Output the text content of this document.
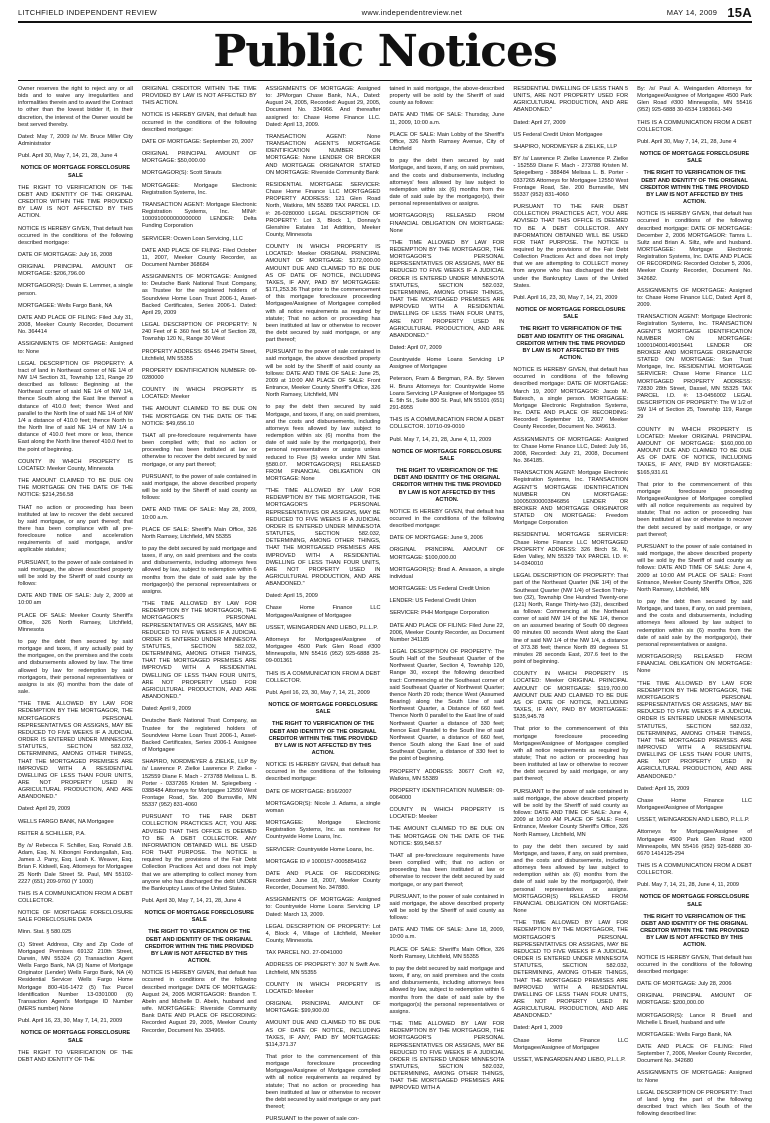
LITCHFIELD INDEPENDENT REVIEW	www.independentreview.net	MAY 14, 2009 15A
Public Notices

Owner reserves the right to reject any or all bids and to waive any irregularities and informalities therein and to award the Contract to other than the lowest bidder if, in their discretion, the interest of the Owner would be best served thereby.

Dated: May 7, 2009 /s/ Mr. Bruce Miller City Administrator

Publ. April 30, May 7, 14, 21, 28, June 4

NOTICE OF MORTGAGE FORECLOSURE SALE

THE RIGHT TO VERIFICATION OF THE DEBT AND IDENTITY OF THE ORIGINAL CREDITOR WITHIN THE TIME PROVIDED BY LAW IS NOT AFFECTED BY THIS ACTION.

NOTICE IS HEREBY GIVEN, That default has occurred in the conditions of the following described mortgage:

DATE OF MORTGAGE: July 16, 2008

ORIGINAL PRINCIPAL AMOUNT OF MORTGAGE: $206,796.00

MORTGAGOR(S): Dwain E. Lemmer, a single person.

MORTGAGEE: Wells Fargo Bank, NA

DATE AND PLACE OF FILING: Filed July 31, 2008, Meeker County Recorder, Document No. 364414

ASSIGNMENTS OF MORTGAGE: Assigned to: None

LEGAL DESCRIPTION OF PROPERTY: A tract of land in Northeast corner of NE 1/4 of NW 1/4 Section 31, Township 121, Range 29 described as follows: Beginning at the Northeast corner of said NE 1/4 of NW 1/4, thence South along the East line thereof a distance of 410.0 feet; thence West and parallel to the North line of said NE 1/4 of NW 1/4 a distance of 410.0 feet; thence North to the North line of said NE 1/4 of NW 1/4 a distance of 410.0 feet more or less, thence East along the North line thereof 410.0 feet to the point of beginning.

COUNTY IN WHICH PROPERTY IS LOCATED: Meeker County, Minnesota

THE AMOUNT CLAIMED TO BE DUE ON THE MORTGAGE ON THE DATE OF THE NOTICE: $214,256.58

THAT no action or proceeding has been instituted at law to recover the debt secured by said mortgage, or any part thereof; that there has been compliance with all pre-foreclosure notice and acceleration requirements of said mortgage, and/or applicable statutes;

PURSUANT, to the power of sale contained in said mortgage, the above described property will be sold by the Sheriff of said county as follows:

DATE AND TIME OF SALE: July 2, 2009 at 10:00 am

PLACE OF SALE: Meeker County Sheriff's Office, 326 North Ramsey, Litchfield, Minnesota

to pay the debt then secured by said mortgage and taxes, if any actually paid by the mortgagee, on the premises and the costs and disbursements allowed by law. The time allowed by law for redemption by said mortgagors, their personal representatives or assigns is six (6) months from the date of sale.

"THE TIME ALLOWED BY LAW FOR REDEMPTION BY THE MORTGAGOR, THE MORTGAGOR'S PERSONAL REPRESENTATIVES OR ASSIGNS, MAY BE REDUCED TO FIVE WEEKS IF A JUDICIAL ORDER IS ENTERED UNDER MINNESOTA STATUTES, SECTION 582.032, DETERMINING, AMONG OTHER THINGS, THAT THE MORTGAGED PREMISES ARE IMPROVED WITH A RESIDENTIAL DWELLING OF LESS THAN FOUR UNITS, ARE NOT PROPERTY USED IN AGRICULTURAL PRODUCTION, AND ARE ABANDONED."

Dated: April 29, 2009

WELLS FARGO BANK, NA Mortgagee

REITER & SCHILLER, P.A.

By /s/ Rebecca F. Schiller, Esq. Ronald J.B. Adam, Esq. N. Kibongni Fondungallah, Esq. James J. Parry, Esq. Leah K. Weaver, Esq. Brian F. Kidwell, Esq. Attorneys for Mortgagee 25 North Dale Street St. Paul, MN 55102-2227 (651) 209-9760 (Y 1000)

THIS IS A COMMUNICATION FROM A DEBT COLLECTOR.

NOTICE OF MORTGAGE FORECLOSURE SALE FORECLOSURE DATA

Minn. Stat. § 580.025

(1) Street Address, City and Zip Code of Mortgaged Premises 69132 210th Street, Darwin, MN 55324 (2) Transaction Agent Wells Fargo Bank, NA (3) Name of Mortgage Originator (Lender) Wells Fargo Bank, NA (4) Residential Servicer Wells Fargo Home Mortgage 800-416-1472 (5) Tax Parcel Identification Number 13-0301000 (6) Transaction Agent's Mortgage ID Number (MERS number) None

Publ. April 16, 23, 30, May 7, 14, 21, 2009

NOTICE OF MORTGAGE FORECLOSURE SALE

THE RIGHT TO VERIFICATION OF THE DEBT AND IDENTITY OF THE

ORIGINAL CREDITOR WITHIN THE TIME PROVIDED BY LAW IS NOT AFFECTED BY THIS ACTION.

NOTICE IS HEREBY GIVEN, that default has occurred in the conditions of the following described mortgage:

DATE OF MORTGAGE: September 20, 2007

ORIGINAL PRINCIPAL AMOUNT OF MORTGAGE: $50,000.00

MORTGAGOR(S): Scott Strauts

MORTGAGEE: Mortgage Electronic Registration Systems, Inc.

TRANSACTION AGENT: Mortgage Electronic Registration Systems, Inc. MIN#: 1000910000000000000 LENDER: Delta Funding Corporation

SERVICER: Ocwen Loan Servicing, LLC

DATE AND PLACE OF FILING: Filed October 11, 2007, Meeker County Recorder, as Document Number 368684

ASSIGNMENTS OF MORTGAGE: Assigned to: Deutsche Bank National Trust Company, as Trustee for the registered holders of Soundview Home Loan Trust 2006-1, Asset-Backed Certificates, Series 2006-1. Dated: April 29, 2009

LEGAL DESCRIPTION OF PROPERTY: N 240 Feet of E 360 feet 56 1/4 of Section 28, Township 120 N., Range 30 West

PROPERTY ADDRESS: 65446 294TH Street, Litchfield, MN 55355

PROPERTY IDENTIFICATION NUMBER: 09-0280000

COUNTY IN WHICH PROPERTY IS LOCATED: Meeker

THE AMOUNT CLAIMED TO BE DUE ON THE MORTGAGE ON THE DATE OF THE NOTICE: $49,656.10

THAT all pre-foreclosure requirements have been complied with; that no action or proceeding has been instituted at law or otherwise to recover the debt secured by said mortgage, or any part thereof;

PURSUANT, to the power of sale contained in said mortgage, the above described property will be sold by the Sheriff of said county as follows:

DATE AND TIME OF SALE: May 28, 2009, 10:00 a.m.

PLACE OF SALE: Sheriff's Main Office, 326 North Ramsey, Litchfield, MN 55355

to pay the debt secured by said mortgage and taxes, if any, on said premises and the costs and disbursements, including attorneys fees allowed by law, subject to redemption within 6 months from the date of said sale by the mortgagor(s) the personal representatives or assigns.

"THE TIME ALLOWED BY LAW FOR REDEMPTION BY THE MORTGAGOR, THE MORTGAGOR'S PERSONAL REPRESENTATIVES OR ASSIGNS, MAY BE REDUCED TO FIVE WEEKS IF A JUDICIAL ORDER IS ENTERED UNDER MINNESOTA STATUTES, SECTION 582.032, DETERMINING, AMONG OTHER THINGS, THAT THE MORTGAGED PREMISES ARE IMPROVED WITH A RESIDENTIAL DWELLING OF LESS THAN FOUR UNITS, ARE NOT PROPERTY USED FOR AGRICULTURAL PRODUCTION, AND ARE ABANDONED."

Dated: April 9, 2009

Deutsche Bank National Trust Company, as Trustee for the registered holders of Soundview Home Loan Trust 2006-1, Asset-Backed Certificates, Series 2006-1 Assignee of Mortgagee

SHAPIRO, NORDMEYER & ZIELKE, LLP By /s/ Lawrence P. Zielke Lawrence P. Zielke - 152559 Diane F. Mach - 273788 Melissa L. B. Porter - 0337265 Kristen M. Spiegelberg - 0388484 Attorneys for Mortgagee 12550 West Frontage Road, Ste. 200 Burnsville, MN 55337 (952) 831-4060

PURSUANT TO THE FAIR DEBT COLLECTION PRACTICES ACT, YOU ARE ADVISED THAT THIS OFFICE IS DEEMED TO BE A DEBT COLLECTOR. ANY INFORMATION OBTAINED WILL BE USED FOR THAT PURPOSE. The NOTICE is required by the provisions of the Fair Debt Collection Practices Act and does not imply that we are attempting to collect money from anyone who has discharged the debt UNDER the Bankruptcy Laws of the United States.

Publ. April 30, May 7, 14, 21, 28, June 4

NOTICE OF MORTGAGE FORECLOSURE SALE

THE RIGHT TO VERIFICATION OF THE DEBT AND IDENTITY OF THE ORIGINAL CREDITOR WITHIN THE TIME PROVIDED BY LAW IS NOT AFFECTED BY THIS ACTION.

NOTICE IS HEREBY GIVEN, that default has occurred in conditions of the following described mortgage: DATE OF MORTGAGE: August 24, 2005 MORTGAGOR: Brandon T. Abeln and Michelle D. Abeln, husband and wife. MORTGAGEE: Riverside Community Bank DATE AND PLACE OF RECORDING: Recorded August 29, 2005, Meeker County Recorder, Document No. 334965.

ASSIGNMENTS OF MORTGAGE: Assigned to: JPMorgan Chase Bank, N.A., Dated: August 24, 2005, Recorded: August 29, 2005, Document No. 334966. And thereafter assigned to: Chase Home Finance LLC. Dated: April 13, 2009.

TRANSACTION AGENT: None TRANSACTION AGENT'S MORTGAGE IDENTIFICATION NUMBER ON MORTGAGE: None LENDER OR BROKER AND MORTGAGE ORIGINATOR STATED ON MORTGAGE: Riverside Community Bank

RESIDENTIAL MORTGAGE SERVICER: Chase Home Finance LLC MORTGAGED PROPERTY ADDRESS: 121 Glen Road North, Watkins, MN 55389 TAX PARCEL I.D. #: 26-0280000 LEGAL DESCRIPTION OF PROPERTY: Lot 3, Block 1, Donnay's Glenshire Estates 1st Addition, Meeker County, Minnesota

COUNTY IN WHICH PROPERTY IS LOCATED: Meeker ORIGINAL PRINCIPAL AMOUNT OF MORTGAGE: $172,000.00 AMOUNT DUE AND CLAIMED TO BE DUE AS OF DATE OF NOTICE, INCLUDING TAXES, IF ANY, PAID BY MORTGAGEE: $171,253.36 That prior to the commencement of this mortgage foreclosure proceeding Mortgagee/Assignee of Mortgagee complied with all notice requirements as required by statute; That no action or proceeding has been instituted at law or otherwise to recover the debt secured by said mortgage, or any part thereof;

PURSUANT to the power of sale contained in said mortgage, the above described property will be sold by the Sheriff of said county as follows: DATE AND TIME OF SALE: June 25, 2009 at 10:00 AM PLACE OF SALE: Front Entrance, Meeker County Sheriff's Office, 326 North Ramsey, Litchfield, MN

to pay the debt then secured by said Mortgage, and taxes, if any, on said premises, and the costs and disbursements, including attorneys fees allowed by law subject to redemption within six (6) months from the date of said sale by the mortgagor(s), their personal representatives or assigns unless reduced to Five (5) weeks under MN Stat. §580.07. MORTGAGOR(S) RELEASED FROM FINANCIAL OBLIGATION ON MORTGAGE: None

"THE TIME ALLOWED BY LAW FOR REDEMPTION BY THE MORTGAGOR, THE MORTGAGOR'S PERSONAL REPRESENTATIVES OR ASSIGNS, MAY BE REDUCED TO FIVE WEEKS IF A JUDICIAL ORDER IS ENTERED UNDER MINNESOTA STATUTES, SECTION 582.032, DETERMINING, AMONG OTHER THINGS, THAT THE MORTGAGED PREMISES ARE IMPROVED WITH A RESIDENTIAL DWELLING OF LESS THAN FOUR UNITS, ARE NOT PROPERTY USED IN AGRICULTURAL PRODUCTION, AND ARE ABANDONED."

Dated: April 15, 2009

Chase Home Finance LLC Mortgagee/Assignee of Mortgagee

USSET, WEINGARDEN AND LIEBO, P.L.L.P.

Attorneys for Mortgagee/Assignee of Mortgagee 4500 Park Glen Road #300 Minneapolis, MN 55416 (952) 925-6888 25-09-001361

THIS IS A COMMUNICATION FROM A DEBT COLLECTOR.

Publ. April 16, 23, 30, May 7, 14, 21, 2009

NOTICE OF MORTGAGE FORECLOSURE SALE

THE RIGHT TO VERIFICATION OF THE DEBT AND IDENTITY OF THE ORIGINAL CREDITOR WITHIN THE TIME PROVIDED BY LAW IS NOT AFFECTED BY THIS ACTION.

NOTICE IS HEREBY GIVEN, that default has occurred in the conditions of the following described mortgage:

DATE OF MORTGAGE: 8/16/2007

MORTGAGOR(S): Nicole J. Adams, a single woman

MORTGAGEE: Mortgage Electronic Registration Systems, Inc. as nominee for Countrywide Home Loans, Inc.

SERVICER: Countrywide Home Loans, Inc.

MORTGAGE ID # 1000157-0005854162

DATE AND PLACE OF RECORDING: Recorded: June 18, 2007, Meeker County Recorder, Document No. 347880.

ASSIGNMENTS OF MORTGAGE: Assigned to: Countrywide Home Loans Servicing LP Dated: March 13, 2009.

LEGAL DESCRIPTION OF PROPERTY: Lot 4, Block 4, Village of Litchfield, Meeker County, Minnesota.

TAX PARCEL NO. 27-0041000

ADDRESS OF PROPERTY: 307 N Swift Ave. Litchfield, MN 55355

COUNTY IN WHICH PROPERTY IS LOCATED: Meeker

ORIGINAL PRINCIPAL AMOUNT OF MORTGAGE: $99,900.00

AMOUNT DUE AND CLAIMED TO BE DUE AS OF DATE OF NOTICE, INCLUDING TAXES, IF ANY, PAID BY MORTGAGEE: $114,371.37

That prior to the commencement of this mortgage foreclosure proceeding Mortgagee/Assignee of Mortgagee complied with all notice requirements as required by statute; That no action or proceeding has been instituted at law or otherwise to recover the debt secured by said mortgage or any part thereof;

PURSUANT to the power of sale con-

tained in said mortgage, the above-described property will be sold by the Sheriff of said county as follows:

DATE AND TIME OF SALE: Thursday, June 11, 2009, 10:00 a.m.

PLACE OF SALE: Main Lobby of the Sheriff's Office, 326 North Ramsey Avenue, City of Litchfield

to pay the debt then secured by said Mortgage, and taxes, if any, on said premises, and the costs and disbursements, including attorneys' fees allowed by law subject to redemption within six (6) months from the date of said sale by the mortgagor(s), their personal representatives or assigns.

MORTGAGOR(S) RELEASED FROM FINANCIAL OBLIGATION ON MORTGAGE: None

"THE TIME ALLOWED BY LAW FOR REDEMPTION BY THE MORTGAGOR, THE MORTGAGOR'S PERSONAL REPRESENTATIVES OR ASSIGNS, MAY BE REDUCED TO FIVE WEEKS IF A JUDICIAL ORDER IS ENTERED UNDER MINNESOTA STATUTES, SECTION 582.032, DETERMINING, AMONG OTHER THINGS, THAT THE MORTGAGED PREMISES ARE IMPROVED WITH A RESIDENTIAL DWELLING OF LESS THAN FOUR UNITS, ARE NOT PROPERTY USED IN AGRICULTURAL PRODUCTION, AND ARE ABANDONED."

Dated: April 07, 2009

Countrywide Home Loans Servicing LP Assignee of Mortgagee

Peterson, Fram & Bergman, P.A. By: Steven H. Bruns Attorneys for: Countrywide Home Loans Servicing LP Assignee of Mortgagee 55 E. 5th St., Suite 800 St. Paul, MN 55101 (651) 291-8955

THIS IS A COMMUNICATION FROM A DEBT COLLECTOR. 10710-09-0010

Publ. May 7, 14, 21, 28, June 4, 11, 2009

NOTICE OF MORTGAGE FORECLOSURE SALE

THE RIGHT TO VERIFICATION OF THE DEBT AND IDENTITY OF THE ORIGINAL CREDITOR WITHIN THE TIME PROVIDED BY LAW IS NOT AFFECTED BY THIS ACTION.

NOTICE IS HEREBY GIVEN, that default has occurred in the conditions of the following described mortgage:

DATE OF MORTGAGE: June 9, 2006

ORIGINAL PRINCIPAL AMOUNT OF MORTGAGE: $100,000.00

MORTGAGOR(S): Brad A. Anvason, a single individual

MORTGAGEE: US Federal Credit Union

LENDER: US Federal Credit Union

SERVICER: PHH Mortgage Corporation

DATE AND PLACE OF FILING: Filed June 22, 2006, Meeker County Recorder, as Document Number 341185

LEGAL DESCRIPTION OF PROPERTY: The South Half of the Southeast Quarter of the Northwest Quarter, Section 4, Township 120, Range 30, except the following described tract: Commencing at the Southeast corner of said Southeast Quarter of Northwest Quarter; thence North 20 rods; thence West (Assumed Bearing) along the South Line of said Northwest Quarter, a Distance of 660 feet. Thence North 0 parallel to the East line of said Northwest Quarter a distance of 330 feet; thence East Parallel to the South line of said Northwest Quarter, a distance of 660 feet, thence South along the East line of said Southeast Quarter, a distance of 330 feet to the point of beginning.

PROPERTY ADDRESS: 30677 Croft #2, Watkins, MN 55389

PROPERTY IDENTIFICATION NUMBER: 09-0064000

COUNTY IN WHICH PROPERTY IS LOCATED: Meeker

THE AMOUNT CLAIMED TO BE DUE ON THE MORTGAGE ON THE DATE OF THE NOTICE: $99,548.57

THAT all pre-foreclosure requirements have been complied with; that no action or proceeding has been instituted at law or otherwise to recover the debt secured by said mortgage, or any part thereof;

PURSUANT, to the power of sale contained in said mortgage, the above described property will be sold by the Sheriff of said county as follows:

DATE AND TIME OF SALE: June 18, 2009, 10:00 a.m.

PLACE OF SALE: Sheriff's Main Office, 326 North Ramsey, Litchfield, MN 55355

to pay the debt secured by said mortgage and taxes, if any, on said premises and the costs and disbursements, including attorneys fees allowed by law, subject to redemption within 6 months from the date of said sale by the mortgagor(s) the personal representatives or assigns.

"THE TIME ALLOWED BY LAW FOR REDEMPTION BY THE MORTGAGOR, THE MORTGAGOR'S PERSONAL REPRESENTATIVES OR ASSIGNS, MAY BE REDUCED TO FIVE WEEKS IF A JUDICIAL ORDER IS ENTERED UNDER MINNESOTA STATUTES, SECTION 582.032, DETERMINING, AMONG OTHER THINGS, THAT THE MORTGAGED PREMISES ARE IMPROVED WITH A

RESIDENTIAL DWELLING OF LESS THAN 5 UNITS, ARE NOT PROPERTY USED FOR AGRICULTURAL PRODUCTION, AND ARE ABANDONED."

Dated: April 27, 2009

US Federal Credit Union Mortgagee

SHAPIRO, NORDMEYER & ZIELKE, LLP

BY /s/ Lawrence P. Zielke Lawrence P. Zielke - 152559 Diane F. Mach - 273788 Kristen M. Spiegelberg - 388484 Melissa L. B. Porter - 0337265 Attorneys for Mortgagee 12550 West Frontage Road, Ste. 200 Burnsville, MN 55337 (952) 831-4060

PURSUANT TO THE FAIR DEBT COLLECTION PRACTICES ACT, YOU ARE ADVISED THAT THIS OFFICE IS DEEMED TO BE A DEBT COLLECTOR. ANY INFORMATION OBTAINED WILL BE USED FOR THAT PURPOSE. The NOTICE is required by the provisions of the Fair Debt Collection Practices Act and does not imply that we are attempting to COLLECT money from anyone who has discharged the debt under the Bankruptcy Laws of the United States.

Publ. April 16, 23, 30, May 7, 14, 21, 2009

NOTICE OF MORTGAGE FORECLOSURE SALE

THE RIGHT TO VERIFICATION OF THE DEBT AND IDENTITY OF THE ORIGINAL CREDITOR WITHIN THE TIME PROVIDED BY LAW IS NOT AFFECTED BY THIS ACTION.

NOTICE IS HEREBY GIVEN, that default has occurred in conditions of the following described mortgage: DATE OF MORTGAGE: March 19, 2007 MORTGAGOR: Jacob M. Batesch, a single person. MORTGAGEE: Mortgage Electronic Registration Systems, Inc. DATE AND PLACE OF RECORDING: Recorded September 19, 2007 Meeker County Recorder, Document No. 349613.

ASSIGNMENTS OF MORTGAGE: Assigned to: Chase Home Finance LLC, Dated: July 16, 2008, Recorded: July 21, 2008, Document No. 364185.

TRANSACTION AGENT: Mortgage Electronic Registration Systems, Inc. TRANSACTION AGENT'S MORTGAGE IDENTIFICATION NUMBER ON MORTGAGE: 100050300003846856 LENDER OR BROKER AND MORTGAGE ORIGINATOR STATED ON MORTGAGE: Freedom Mortgage Corporation

RESIDENTIAL MORTGAGE SERVICER: Chase Home Finance LLC MORTGAGED PROPERTY ADDRESS: 326 Birch St. N, Eden Valley, MN 55329 TAX PARCEL I.D. #: 14-0340010

LEGAL DESCRIPTION OF PROPERTY: That part of the Northeast Quarter (NE 1/4) of the Southeast Quarter (NW 1/4) of Section Thirty-two (32), Township One Hundred Twenty-one (121) North, Range Thirty-two (32), described as follows: Commencing at the Northeast corner of said NW 1/4 of the NE 1/4, thence on an assumed bearing of South 00 degrees 00 minutes 00 seconds West along the East line of said NW 1/4 of the NW 1/4, a distance of 373.38 feet; thence North 89 degrees 51 minutes 28 seconds East, 207.6 feet to the point of beginning.

COUNTY IN WHICH PROPERTY IS LOCATED: Meeker ORIGINAL PRINCIPAL AMOUNT OF MORTGAGE: $119,700.00 AMOUNT DUE AND CLAIMED TO BE DUE AS OF DATE OF NOTICE, INCLUDING TAXES, IF ANY, PAID BY MORTGAGEE: $135,945.78

That prior to the commencement of this mortgage foreclosure proceeding Mortgagee/Assignee of Mortgagee complied with all notice requirements as required by statute; That no action or proceeding has been instituted at law or otherwise to recover the debt secured by said mortgage, or any part thereof;

PURSUANT to the power of sale contained in said mortgage, the above described property will be sold by the Sheriff of said county as follows: DATE AND TIME OF SALE: June 4, 2009 at 10:00 AM PLACE OF SALE: Front Entrance, Meeker County Sheriff's Office, 326 North Ramsey, Litchfield, MN

to pay the debt then secured by said Mortgage, and taxes, if any, on said premises, and the costs and disbursements, including attorneys fees allowed by law subject to redemption within six (6) months from the date of said sale by the mortgagor(s), their personal representatives or assigns. MORTGAGOR(S) RELEASED FROM FINANCIAL OBLIGATION ON MORTGAGE: None

"THE TIME ALLOWED BY LAW FOR REDEMPTION BY THE MORTGAGOR, THE MORTGAGOR'S PERSONAL REPRESENTATIVES OR ASSIGNS, MAY BE REDUCED TO FIVE WEEKS IF A JUDICIAL ORDER IS ENTERED UNDER MINNESOTA STATUTES, SECTION 582.032, DETERMINING, AMONG OTHER THINGS, THAT THE MORTGAGED PREMISES ARE IMPROVED WITH A RESIDENTIAL DWELLING OF LESS THAN FOUR UNITS, ARE NOT PROPERTY USED IN AGRICULTURAL PRODUCTION, AND ARE ABANDONED."

Dated: April 1, 2009

Chase Home Finance LLC Mortgagee/Assignee of Mortgagee

USSET, WEINGARDEN AND LIEBO, P.L.L.P.

By: /s/ Paul A. Weingarden Attorneys for Mortgagee/Assignee of Mortgagee 4500 Park Glen Road #300 Minneapolis, MN 55416 (952) 925-6888 30-6534 1983661-349

THIS IS A COMMUNICATION FROM A DEBT COLLECTOR.

Publ. April 30, May 7, 14, 21, 28, June 4

NOTICE OF MORTGAGE FORECLOSURE SALE

THE RIGHT TO VERIFICATION OF THE DEBT AND IDENTITY OF THE ORIGINAL CREDITOR WITHIN THE TIME PROVIDED BY LAW IS NOT AFFECTED BY THIS ACTION.

NOTICE IS HEREBY GIVEN, that default has occurred in conditions of the following described mortgage: DATE OF MORTGAGE: December 2, 2006 MORTGAGOR: Tamra L. Sultz and Brian A. Siltz, wife and husband. MORTGAGEE: Mortgage Electronic Registration Systems, Inc. DATE AND PLACE OF RECORDING: Recorded October 5, 2006, Meeker County Recorder, Document No. 342682.

ASSIGNMENTS OF MORTGAGE: Assigned to: Chase Home Finance LLC, Dated: April 8, 2009.

TRANSACTION AGENT: Mortgage Electronic Registration Systems, Inc. TRANSACTION AGENT'S MORTGAGE IDENTIFICATION NUMBER ON MORTGAGE: 100010400149015441 LENDER OR BROKER AND MORTGAGE ORIGINATOR STATED ON MORTGAGE: Sun Trust Mortgage, Inc. RESIDENTIAL MORTGAGE SERVICER: Chase Home Finance LLC MORTGAGED PROPERTY ADDRESS: 72830 28th Street, Dassel, MN 55325 TAX PARCEL I.D. #: 13-0456002 LEGAL DESCRIPTION OF PROPERTY: The W 1/2 of SW 1/4 of Section 25, Township 119, Range 29

COUNTY IN WHICH PROPERTY IS LOCATED: Meeker ORIGINAL PRINCIPAL AMOUNT OF MORTGAGE: $160,000.00 AMOUNT DUE AND CLAIMED TO BE DUE AS OF DATE OF NOTICE, INCLUDING TAXES, IF ANY, PAID BY MORTGAGEE: $165,931.61

That prior to the commencement of this mortgage foreclosure proceeding Mortgagee/Assignee of Mortgagee complied with all notice requirements as required by statute; That no action or proceeding has been instituted at law or otherwise to recover the debt secured by said mortgage, or any part thereof;

PURSUANT to the power of sale contained in said mortgage, the above described property will be sold by the Sheriff of said county as follows: DATE AND TIME OF SALE: June 4, 2009 at 10:00 AM PLACE OF SALE: Front Entrance, Meeker County Sheriff's Office, 326 North Ramsey, Litchfield, MN

to pay the debt then secured by said Mortgage, and taxes, if any, on said premises, and the costs and disbursements, including attorneys fees allowed by law subject to redemption within six (6) months from the date of said sale by the mortgagor(s), their personal representatives or assigns.

MORTGAGOR(S) RELEASED FROM FINANCIAL OBLIGATION ON MORTGAGE: None

"THE TIME ALLOWED BY LAW FOR REDEMPTION BY THE MORTGAGOR, THE MORTGAGOR'S PERSONAL REPRESENTATIVES OR ASSIGNS, MAY BE REDUCED TO FIVE WEEKS IF A JUDICIAL ORDER IS ENTERED UNDER MINNESOTA STATUTES, SECTION 582.032, DETERMINING, AMONG OTHER THINGS, THAT THE MORTGAGED PREMISES ARE IMPROVED WITH A RESIDENTIAL DWELLING OF LESS THAN FOUR UNITS, ARE NOT PROPERTY USED IN AGRICULTURAL PRODUCTION, AND ARE ABANDONED."

Dated: April 15, 2009

Chase Home Finance LLC Mortgagee/Assignee of Mortgagee

USSET, WEINGARDEN AND LIEBO, P.L.L.P.

Attorneys for Mortgagee/Assignee of Mortgagee 4500 Park Glen Road #300 Minneapolis, MN 55416 (952) 925-6888 30-6670 1414125-294

THIS IS A COMMUNICATION FROM A DEBT COLLECTOR.

Publ. May 7, 14, 21, 28, June 4, 11, 2009

NOTICE OF MORTGAGE FORECLOSURE SALE

THE RIGHT TO VERIFICATION OF THE DEBT AND IDENTITY OF THE ORIGINAL CREDITOR WITHIN THE TIME PROVIDED BY LAW IS NOT AFFECTED BY THIS ACTION.

NOTICE IS HEREBY GIVEN, That default has occurred in the conditions of the following described mortgage:

DATE OF MORTGAGE: July 28, 2006

ORIGINAL PRINCIPAL AMOUNT OF MORTGAGE: $200,000.00

MORTGAGOR(S): Lance R Bruell and Michelle L Bruell, husband and wife

MORTGAGEE: Wells Fargo Bank, NA

DATE AND PLACE OF FILING: Filed September 7, 2006, Meeker County Recorder, Document No. 342680

ASSIGNMENTS OF MORTGAGE: Assigned to: None

LEGAL DESCRIPTION OF PROPERTY: Tract of land lying the part of the following described tract which lies South of the following described line:
